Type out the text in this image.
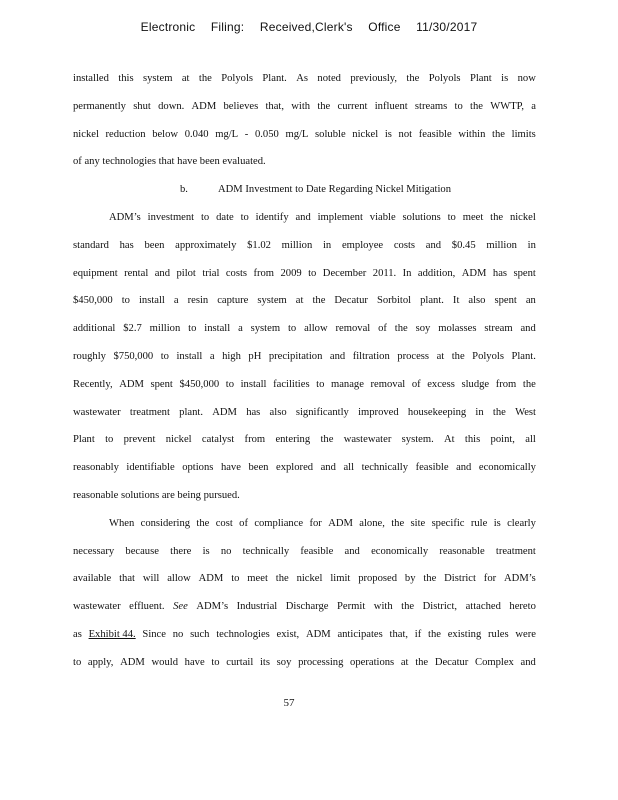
Electronic Filing: Received,Clerk's Office 11/30/2017
installed this system at the Polyols Plant. As noted previously, the Polyols Plant is now
permanently shut down. ADM believes that, with the current influent streams to the WWTP, a
nickel reduction below 0.040 mg/L - 0.050 mg/L soluble nickel is not feasible within the limits
of any technologies that have been evaluated.
b.	ADM Investment to Date Regarding Nickel Mitigation
ADM’s investment to date to identify and implement viable solutions to meet the nickel
standard has been approximately $1.02 million in employee costs and $0.45 million in
equipment rental and pilot trial costs from 2009 to December 2011. In addition, ADM has spent
$450,000 to install a resin capture system at the Decatur Sorbitol plant. It also spent an
additional $2.7 million to install a system to allow removal of the soy molasses stream and
roughly $750,000 to install a high pH precipitation and filtration process at the Polyols Plant.
Recently, ADM spent $450,000 to install facilities to manage removal of excess sludge from the
wastewater treatment plant. ADM has also significantly improved housekeeping in the West
Plant to prevent nickel catalyst from entering the wastewater system. At this point, all
reasonably identifiable options have been explored and all technically feasible and economically
reasonable solutions are being pursued.
When considering the cost of compliance for ADM alone, the site specific rule is clearly
necessary because there is no technically feasible and economically reasonable treatment
available that will allow ADM to meet the nickel limit proposed by the District for ADM’s
wastewater effluent. See ADM’s Industrial Discharge Permit with the District, attached hereto
as Exhibit 44. Since no such technologies exist, ADM anticipates that, if the existing rules were
to apply, ADM would have to curtail its soy processing operations at the Decatur Complex and
57
